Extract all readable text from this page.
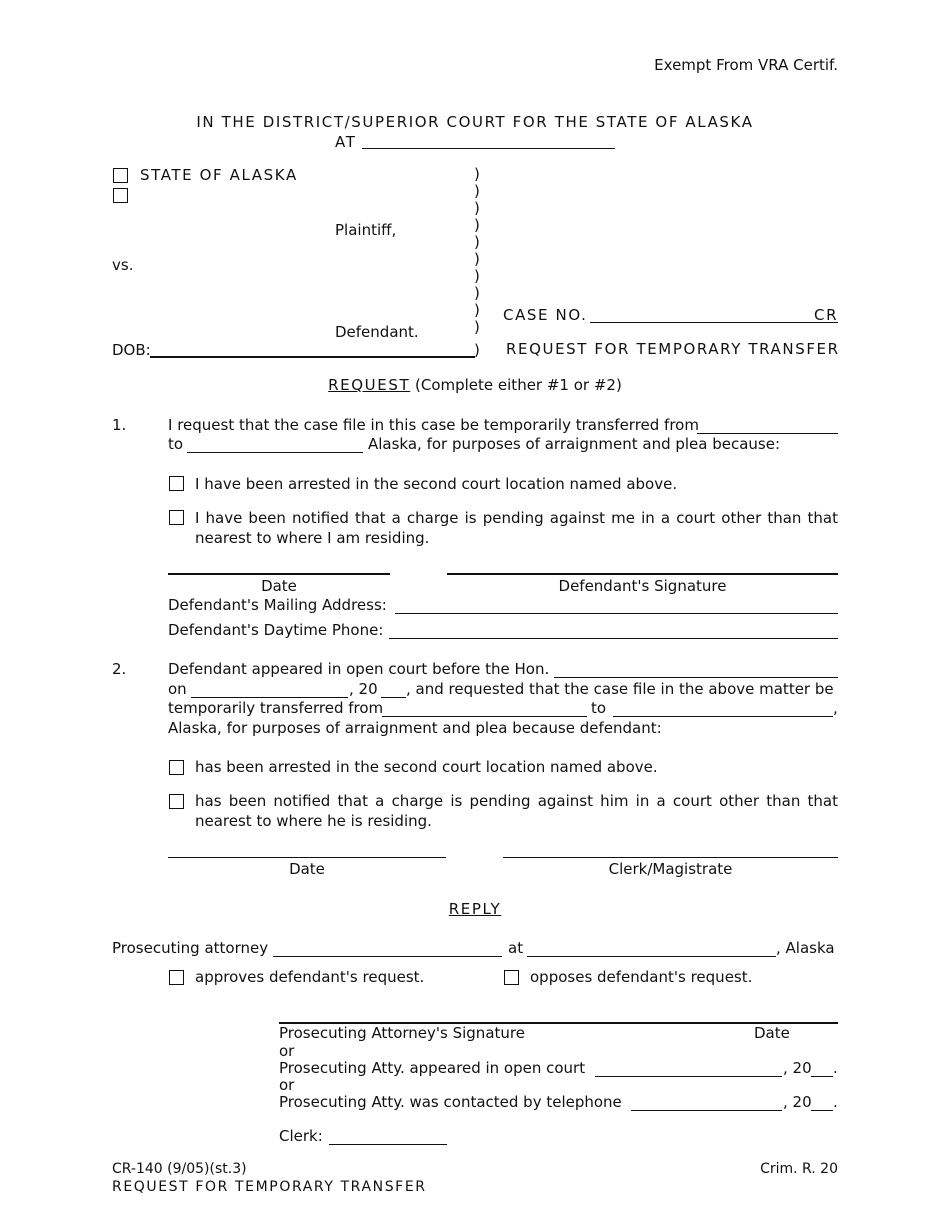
Exempt From VRA Certif.
IN THE DISTRICT/SUPERIOR COURT FOR THE STATE OF ALASKA
AT
STATE OF ALASKA
Plaintiff,
vs.
Defendant.
DOB:
)
)
)
)
)
)
)
)
)
)
)
CASE NO.	CR
REQUEST FOR TEMPORARY TRANSFER
REQUEST (Complete either #1 or #2)
1.	I request that the case file in this case be temporarily transferred from
to	Alaska, for purposes of arraignment and plea because:
I have been arrested in the second court location named above.
I have been notified that a charge is pending against me in a court other than that nearest to where I am residing.
Date	Defendant's Signature
Defendant's Mailing Address:
Defendant's Daytime Phone:
2.	Defendant appeared in open court before the Hon.
on	, 20 , and requested that the case file in the above matter be
temporarily transferred from	to	,
Alaska, for purposes of arraignment and plea because defendant:
has been arrested in the second court location named above.
has been notified that a charge is pending against him in a court other than that nearest to where he is residing.
Date	Clerk/Magistrate
REPLY
Prosecuting attorney	at	, Alaska
approves defendant's request.	opposes defendant's request.
Prosecuting Attorney's Signature	Date
or
Prosecuting Atty. appeared in open court	, 20 .
or
Prosecuting Atty. was contacted by telephone	, 20 .
Clerk:
CR-140 (9/05)(st.3)
REQUEST FOR TEMPORARY TRANSFER
Crim. R. 20
